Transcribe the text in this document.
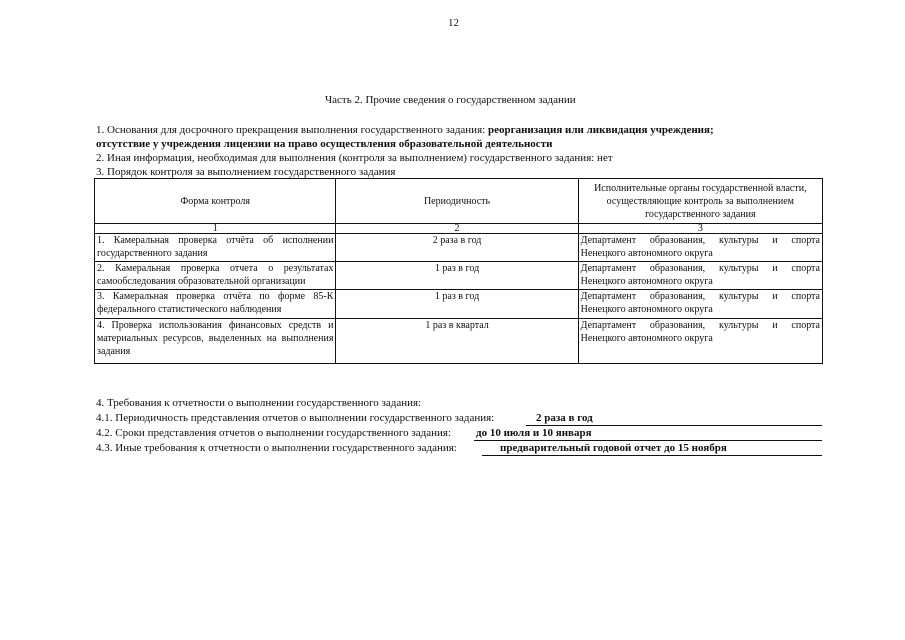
12
Часть 2. Прочие сведения о государственном задании
1. Основания для досрочного прекращения выполнения государственного задания: реорганизация или ликвидация учреждения;
отсутствие у учреждения лицензии на право осуществления образовательной деятельности
2. Иная информация, необходимая для выполнения (контроля за выполнением) государственного задания: нет
3. Порядок контроля за выполнением государственного задания
Форма контроля	Периодичность	Исполнительные органы государственной власти, осуществляющие контроль за выполнением государственного задания
1	2	3
1. Камеральная проверка отчёта об исполнении государственного задания	2 раза в год	Департамент образования, культуры и спорта Ненецкого автономного округа
2. Камеральная проверка отчета о результатах самообследования образовательной организации	1 раз в год	Департамент образования, культуры и спорта Ненецкого автономного округа
3. Камеральная проверка отчёта по форме 85-К федерального статистического наблюдения	1 раз в год	Департамент образования, культуры и спорта Ненецкого автономного округа
4. Проверка использования финансовых средств и материальных ресурсов, выделенных на выполнения задания	1 раз в квартал	Департамент образования, культуры и спорта Ненецкого автономного округа
4. Требования к отчетности о выполнении государственного задания:
4.1. Периодичность представления отчетов о выполнении государственного задания:	2 раза в год
4.2. Сроки представления отчетов о выполнении государственного задания: до 10 июля и 10 января
4.3. Иные требования к отчетности о выполнении государственного задания:	предварительный годовой отчет до 15 ноября
